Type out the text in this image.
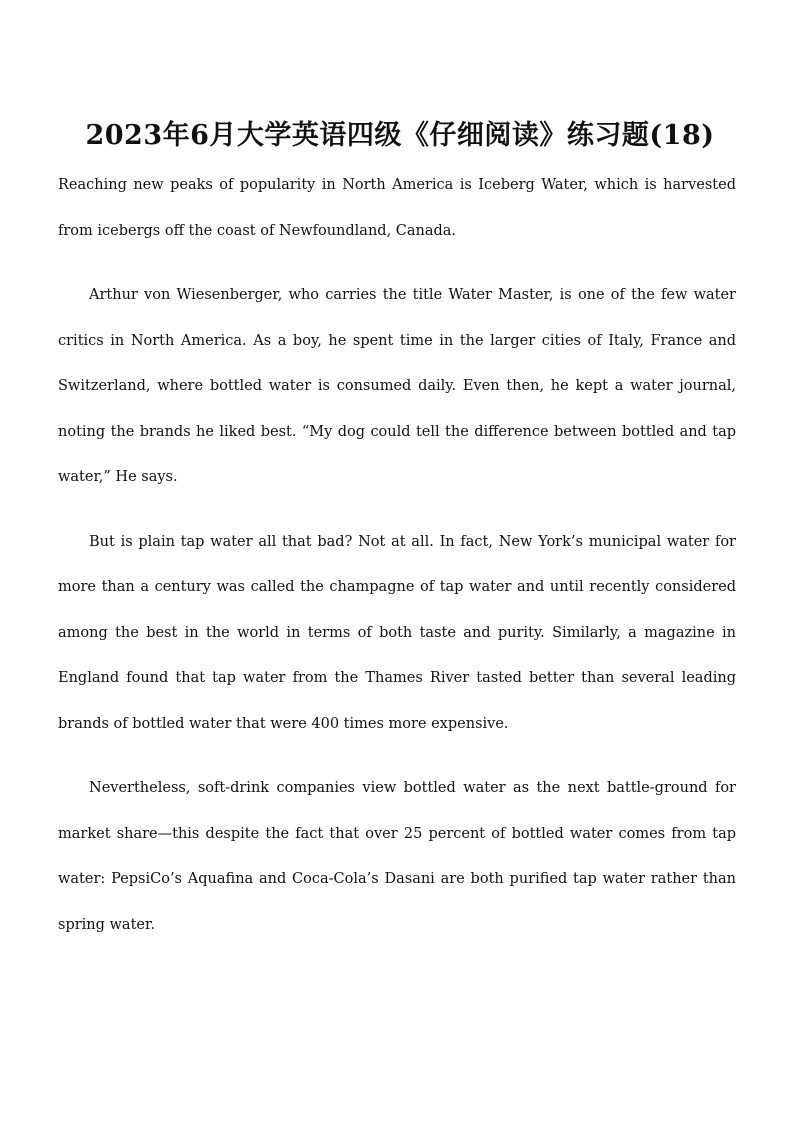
2023年6月大学英语四级《仔细阅读》练习题(18)

Reaching new peaks of popularity in North America is Iceberg Water, which is harvested from icebergs off the coast of Newfoundland, Canada.

Arthur von Wiesenberger, who carries the title Water Master, is one of the few water critics in North America. As a boy, he spent time in the larger cities of Italy, France and Switzerland, where bottled water is consumed daily. Even then, he kept a water journal, noting the brands he liked best. “My dog could tell the difference between bottled and tap water,” He says.

But is plain tap water all that bad? Not at all. In fact, New York’s municipal water for more than a century was called the champagne of tap water and until recently considered among the best in the world in terms of both taste and purity. Similarly, a magazine in England found that tap water from the Thames River tasted better than several leading brands of bottled water that were 400 times more expensive.

Nevertheless, soft-drink companies view bottled water as the next battle-ground for market share—this despite the fact that over 25 percent of bottled water comes from tap water: PepsiCo’s Aquafina and Coca-Cola’s Dasani are both purified tap water rather than spring water.
